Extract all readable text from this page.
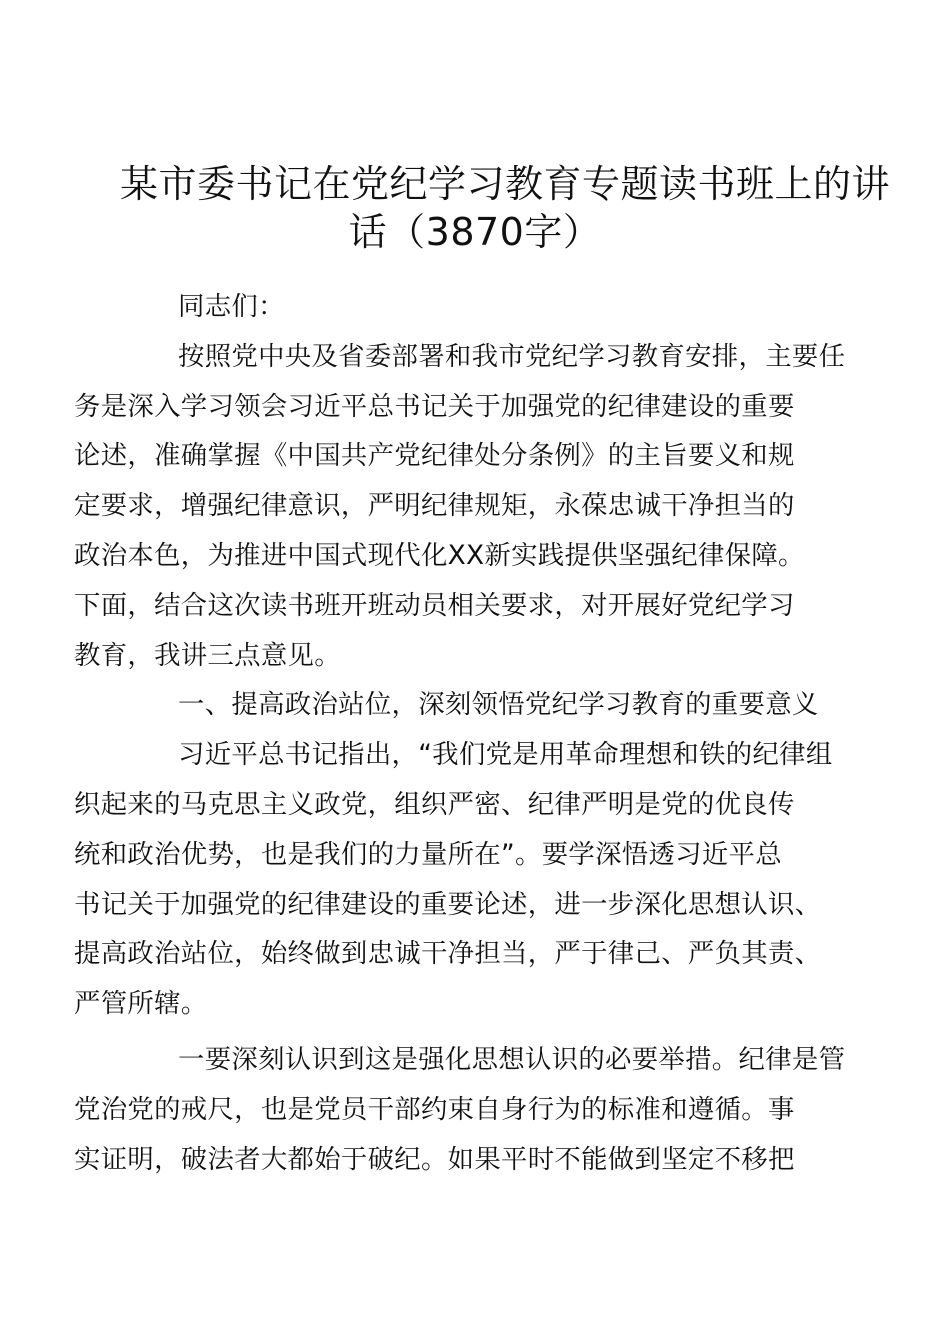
某市委书记在党纪学习教育专题读书班上的讲
话（3870字）

同志们：

按照党中央及省委部署和我市党纪学习教育安排，主要任
务是深入学习领会习近平总书记关于加强党的纪律建设的重要
论述，准确掌握《中国共产党纪律处分条例》的主旨要义和规
定要求，增强纪律意识，严明纪律规矩，永葆忠诚干净担当的
政治本色，为推进中国式现代化XX新实践提供坚强纪律保障。
下面，结合这次读书班开班动员相关要求，对开展好党纪学习
教育，我讲三点意见。

一、提高政治站位，深刻领悟党纪学习教育的重要意义

习近平总书记指出，“我们党是用革命理想和铁的纪律组
织起来的马克思主义政党，组织严密、纪律严明是党的优良传
统和政治优势，也是我们的力量所在”。要学深悟透习近平总
书记关于加强党的纪律建设的重要论述，进一步深化思想认识、
提高政治站位，始终做到忠诚干净担当，严于律己、严负其责、
严管所辖。

一要深刻认识到这是强化思想认识的必要举措。纪律是管
党治党的戒尺，也是党员干部约束自身行为的标准和遵循。事
实证明，破法者大都始于破纪。如果平时不能做到坚定不移把
